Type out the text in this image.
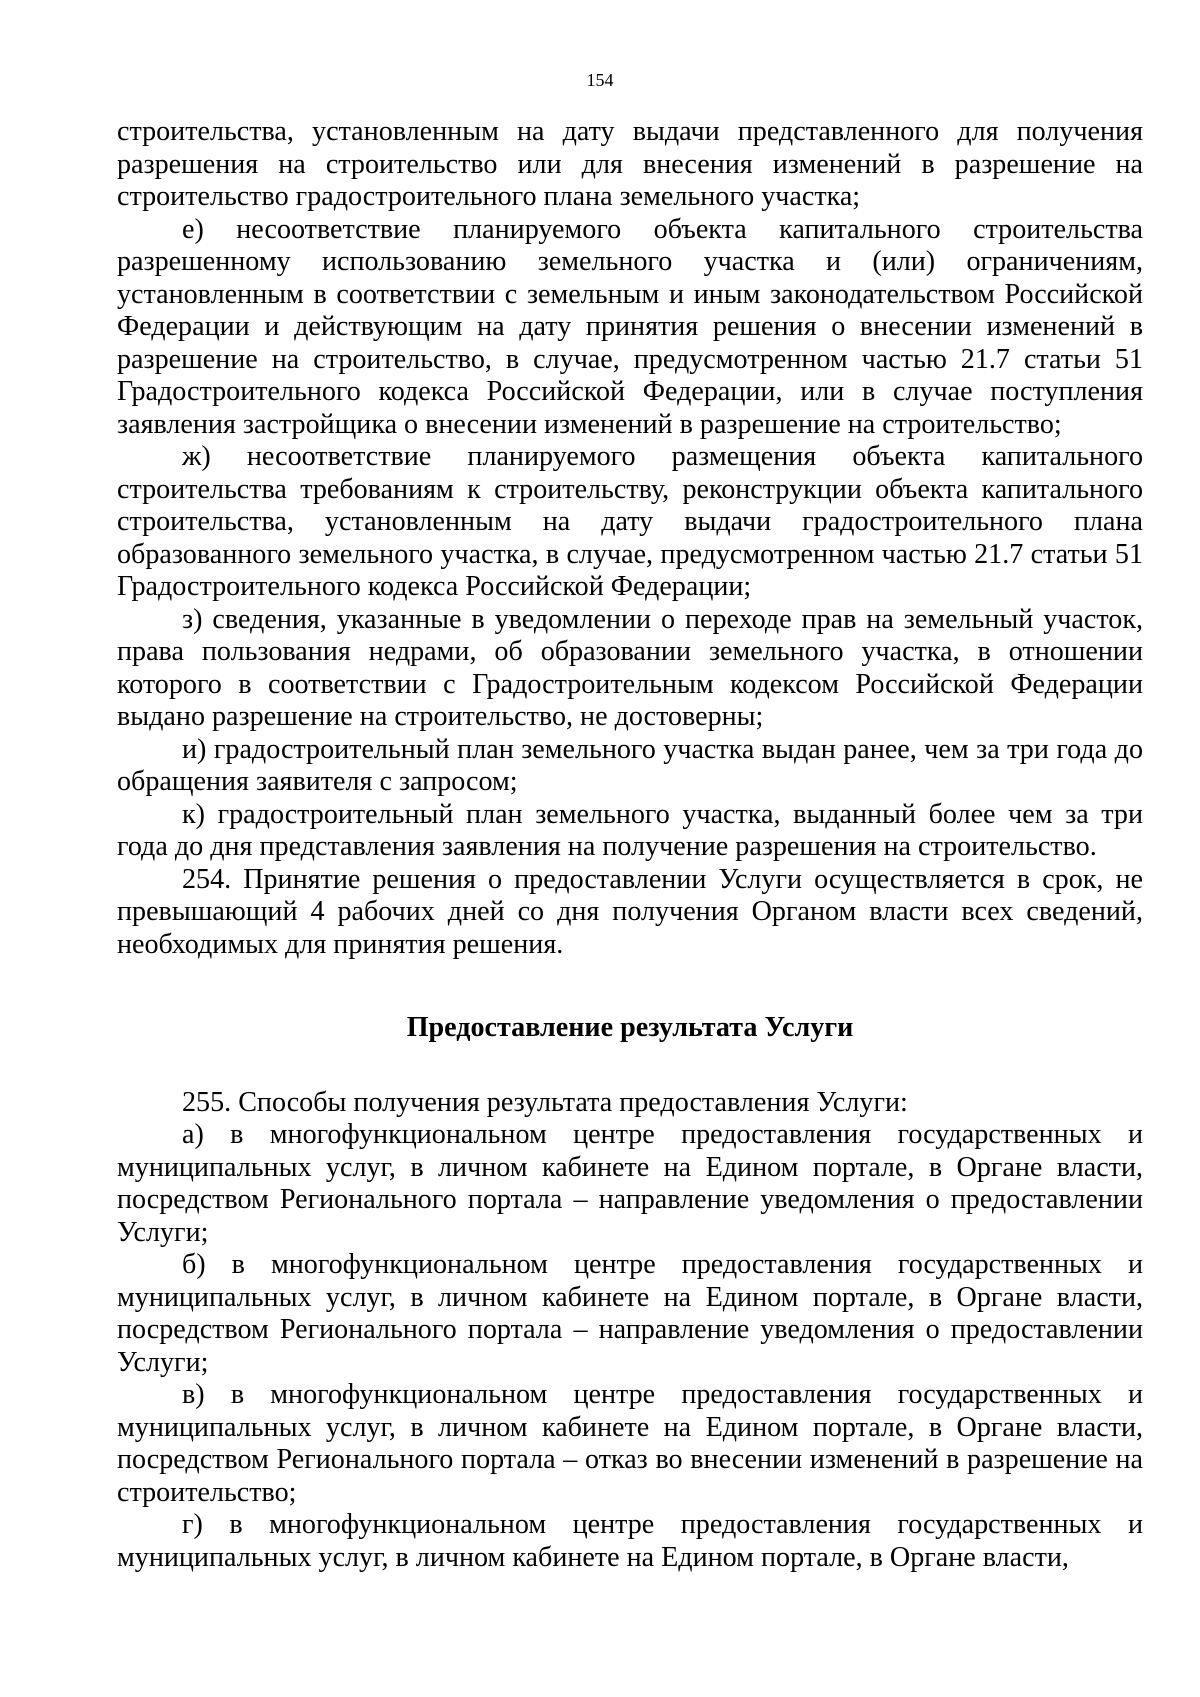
154

строительства, установленным на дату выдачи представленного для получения разрешения на строительство или для внесения изменений в разрешение на строительство градостроительного плана земельного участка;

е) несоответствие планируемого объекта капитального строительства разрешенному использованию земельного участка и (или) ограничениям, установленным в соответствии с земельным и иным законодательством Российской Федерации и действующим на дату принятия решения о внесении изменений в разрешение на строительство, в случае, предусмотренном частью 21.7 статьи 51 Градостроительного кодекса Российской Федерации, или в случае поступления заявления застройщика о внесении изменений в разрешение на строительство;

ж) несоответствие планируемого размещения объекта капитального строительства требованиям к строительству, реконструкции объекта капитального строительства, установленным на дату выдачи градостроительного плана образованного земельного участка, в случае, предусмотренном частью 21.7 статьи 51 Градостроительного кодекса Российской Федерации;

з) сведения, указанные в уведомлении о переходе прав на земельный участок, права пользования недрами, об образовании земельного участка, в отношении которого в соответствии с Градостроительным кодексом Российской Федерации выдано разрешение на строительство, не достоверны;

и) градостроительный план земельного участка выдан ранее, чем за три года до обращения заявителя с запросом;

к) градостроительный план земельного участка, выданный более чем за три года до дня представления заявления на получение разрешения на строительство.

254. Принятие решения о предоставлении Услуги осуществляется в срок, не превышающий 4 рабочих дней со дня получения Органом власти всех сведений, необходимых для принятия решения.

Предоставление результата Услуги

255. Способы получения результата предоставления Услуги:

а) в многофункциональном центре предоставления государственных и муниципальных услуг, в личном кабинете на Едином портале, в Органе власти, посредством Регионального портала – направление уведомления о предоставлении Услуги;

б) в многофункциональном центре предоставления государственных и муниципальных услуг, в личном кабинете на Едином портале, в Органе власти, посредством Регионального портала – направление уведомления о предоставлении Услуги;

в) в многофункциональном центре предоставления государственных и муниципальных услуг, в личном кабинете на Едином портале, в Органе власти, посредством Регионального портала – отказ во внесении изменений в разрешение на строительство;

г) в многофункциональном центре предоставления государственных и муниципальных услуг, в личном кабинете на Едином портале, в Органе власти,
